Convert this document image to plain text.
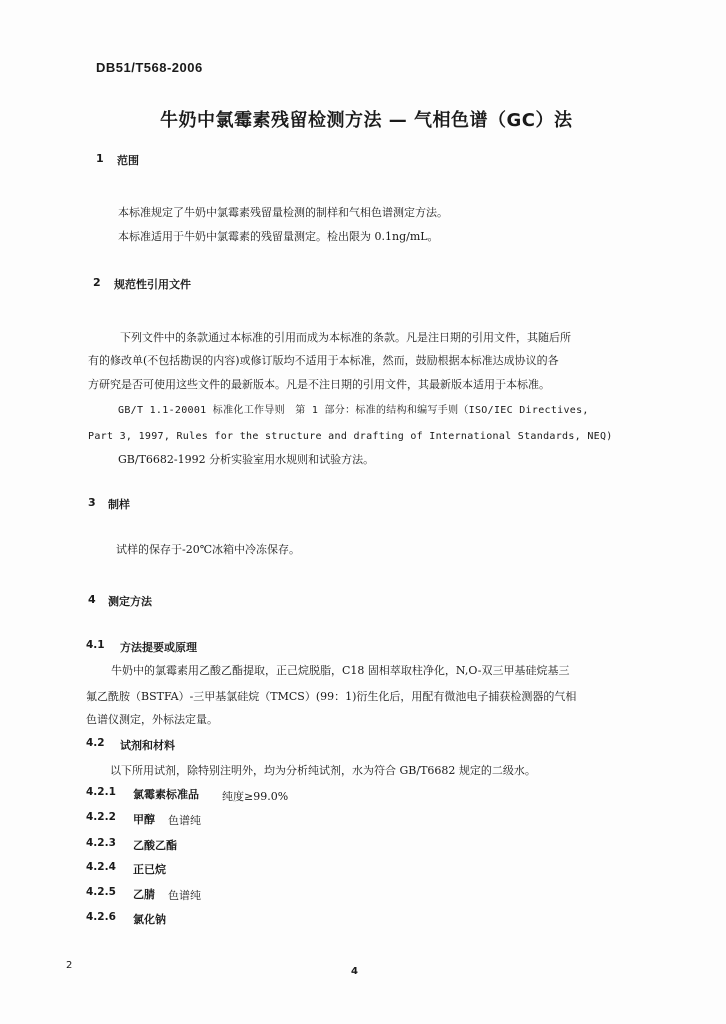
DB51/T568-2006
牛奶中氯霉素残留检测方法 — 气相色谱（GC）法
1 范围
本标准规定了牛奶中氯霉素残留量检测的制样和气相色谱测定方法。
本标准适用于牛奶中氯霉素的残留量测定。检出限为 0.1ng/mL。
2 规范性引用文件
下列文件中的条款通过本标准的引用而成为本标准的条款。凡是注日期的引用文件，其随后所
有的修改单(不包括勘误的内容)或修订版均不适用于本标准，然而，鼓励根据本标准达成协议的各
方研究是否可使用这些文件的最新版本。凡是不注日期的引用文件，其最新版本适用于本标准。
GB/T 1.1-20001 标准化工作导则　第 1 部分：标准的结构和编写手则（ISO/IEC Directives,
Part 3, 1997, Rules for the structure and drafting of International Standards, NEQ)
GB/T6682-1992 分析实验室用水规则和试验方法。
3 制样
试样的保存于-20℃冰箱中冷冻保存。
4 测定方法
4.1 方法提要或原理
牛奶中的氯霉素用乙酸乙酯提取，正己烷脱脂，C18 固相萃取柱净化，N,O-双三甲基硅烷基三
氟乙酰胺（BSTFA）-三甲基氯硅烷（TMCS）(99：1)衍生化后，用配有微池电子捕获检测器的气相
色谱仪测定，外标法定量。
4.2 试剂和材料
以下所用试剂，除特别注明外，均为分析纯试剂，水为符合 GB/T6682 规定的二级水。
4.2.1 氯霉素标准品 纯度≥99.0%
4.2.2 甲醇 色谱纯
4.2.3 乙酸乙酯
4.2.4 正已烷
4.2.5 乙腈 色谱纯
4.2.6 氯化钠
2
4
